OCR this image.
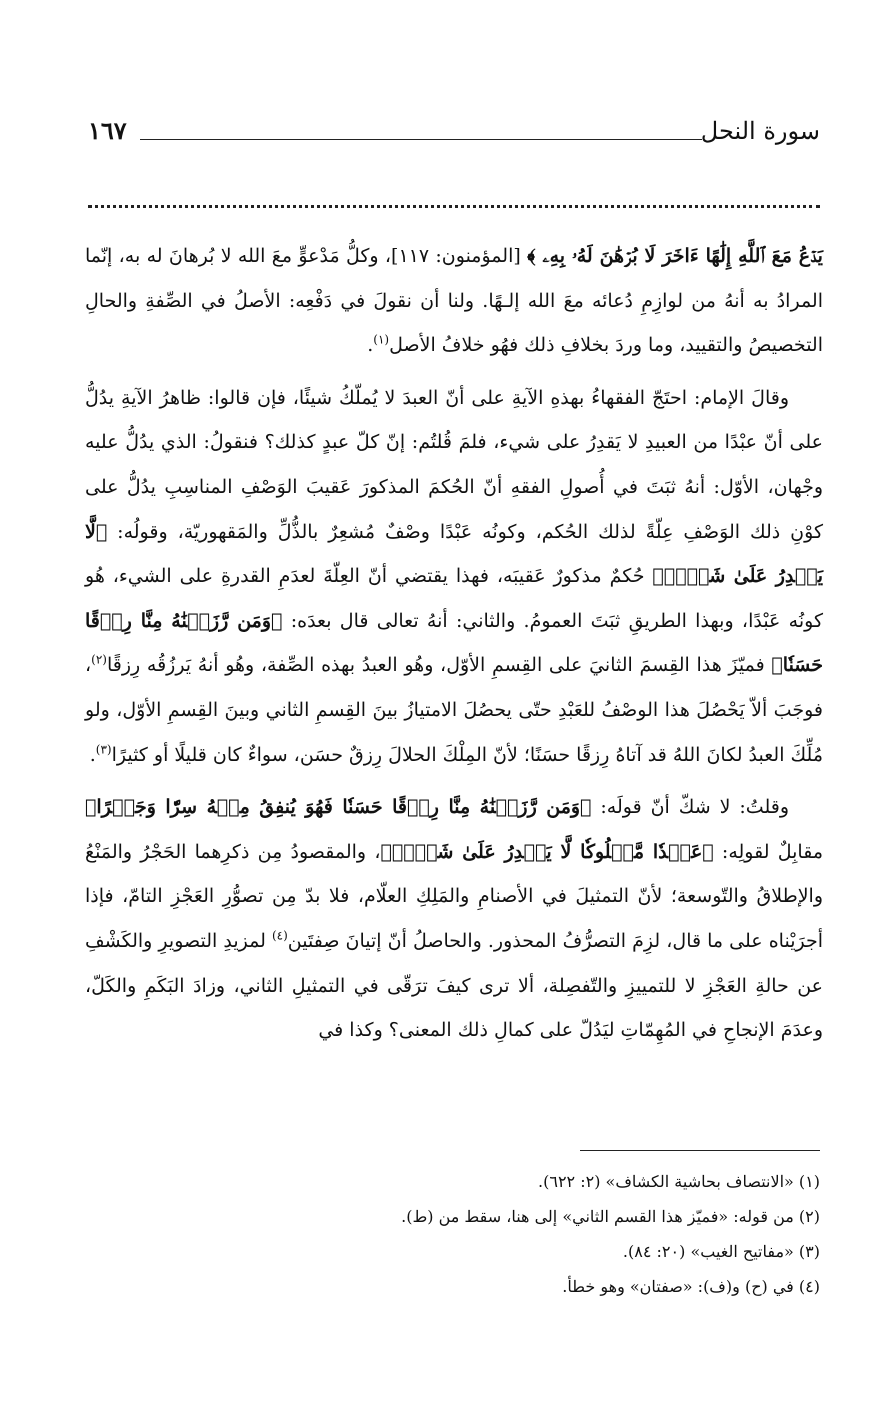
سورة النحل
١٦٧

يَدۡعُ مَعَ ٱللَّهِ إِلَٰهًا ءَاخَرَ لَا بُرۡهَٰنَ لَهُۥ بِهِۦ ﴾ [المؤمنون: ١١٧]، وكلُّ مَدْعوٍّ معَ الله لا بُرهانَ له به، إنّما المرادُ به أنهُ من لوازِمِ دُعائه معَ الله إلـهًا. ولنا أن نقولَ في دَفْعِه: الأصلُ في الصِّفةِ والحالِ التخصيصُ والتقييد، وما وردَ بخلافِ ذلك فهُو خلافُ الأصل$^{(١)}$.

وقالَ الإمام: احتَجّ الفقهاءُ بهذهِ الآيةِ على أنّ العبدَ لا يُملّكُ شيئًا، فإن قالوا: ظاهرُ الآيةِ يدُلُّ على أنّ عبْدًا من العبيدِ لا يَقدِرُ على شيء، فلمَ قُلتُم: إنّ كلّ عبدٍ كذلك؟ فنقولُ: الذي يدُلُّ عليه وجْهان، الأوّل: أنهُ ثبَتَ في أُصولِ الفقهِ أنّ الحُكمَ المذكورَ عَقيبَ الوَصْفِ المناسِبِ يدُلُّ على كوْنِ ذلك الوَصْفِ عِلّةً لذلك الحُكم، وكونُه عَبْدًا وصْفٌ مُشعِرٌ بالذُّلِّ والمَقهوريّة، وقولُه: ﴿لَّا يَقۡدِرُ عَلَىٰ شَيۡءٖ﴾ حُكمٌ مذكورٌ عَقيبَه، فهذا يقتضي أنّ العِلّةَ لعدَمِ القدرةِ على الشيء، هُو كونُه عَبْدًا، وبهذا الطريقِ ثبَتَ العمومُ. والثاني: أنهُ تعالى قال بعدَه: ﴿وَمَن رَّزَقۡنَٰهُ مِنَّا رِزۡقًا حَسَنٗا﴾ فميّزَ هذا القِسمَ الثانيَ على القِسمِ الأوّل، وهُو العبدُ بهذه الصِّفة، وهُو أنهُ يَرزُقُه رِزقًا$^{(٢)}$، فوجَبَ ألاّ يَحْصُلَ هذا الوصْفُ للعَبْدِ حتّى يحصُلَ الامتيازُ بينَ القِسمِ الثاني وبينَ القِسمِ الأوّل، ولو مُلِّكَ العبدُ لكانَ اللهُ قد آتاهُ رِزقًا حسَنًا؛ لأنّ المِلْكَ الحلالَ رِزقٌ حسَن، سواءٌ كان قليلًا أو كثيرًا$^{(٣)}$.

وقلتُ: لا شكّ أنّ قولَه: ﴿وَمَن رَّزَقۡنَٰهُ مِنَّا رِزۡقًا حَسَنٗا فَهُوَ يُنفِقُ مِنۡهُ سِرّٗا وَجَهۡرًا﴾ مقابِلٌ لقولِه: ﴿عَبۡدٗا مَّمۡلُوكٗا لَّا يَقۡدِرُ عَلَىٰ شَيۡءٖ﴾، والمقصودُ مِن ذكرِهما الحَجْرُ والمَنْعُ والإطلاقُ والتّوسعة؛ لأنّ التمثيلَ في الأصنامِ والمَلِكِ العلّام، فلا بدّ مِن تصوُّرِ العَجْزِ التامّ، فإذا أجرَيْناه على ما قال، لزِمَ التصرُّفُ المحذور. والحاصلُ أنّ إتيانَ صِفتَين$^{(٤)}$ لمزيدِ التصويرِ والكَشْفِ عن حالةِ العَجْزِ لا للتمييزِ والتّفصِلة، ألا ترى كيفَ ترَقّى في التمثيلِ الثاني، وزادَ البَكَمِ والكَلّ، وعدَمَ الإنجاحِ في المُهِمّاتِ ليَدُلّ على كمالِ ذلك المعنى؟ وكذا في

(١) «الانتصاف بحاشية الكشاف» (٢: ٦٢٢).
(٢) من قوله: «فميّز هذا القسم الثاني» إلى هنا، سقط من (ط).
(٣) «مفاتيح الغيب» (٢٠: ٨٤).
(٤) في (ح) و(ف): «صفتان» وهو خطأ.
